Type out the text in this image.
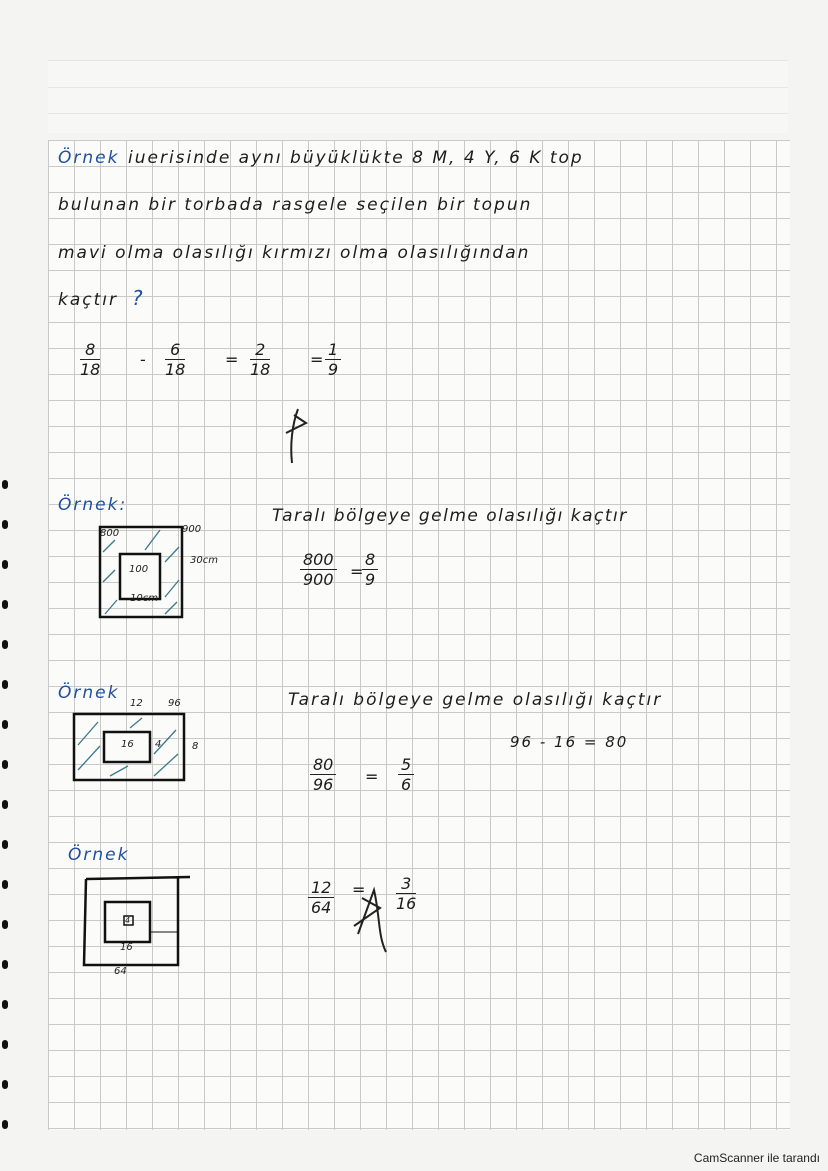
Örnek iuerisinde aynı büyüklükte 8 M, 4 Y, 6 K top
bulunan bir torbada rasgele seçilen bir topun
mavi olma olasılığı kırmızı olma olasılığından
kaçtır ?
$\frac{8}{18} - \frac{6}{18} = \frac{2}{18} = \frac{1}{9}$
Örnek:
800	900
30cm
100
10cm
Taralı bölgeye gelme olasılığı kaçtır
$\frac{800}{900}$ =
$\frac{8}{9}$
Örnek
12	96
16 4	8
Taralı bölgeye gelme olasılığı kaçtır
96 - 16 = 80
$\frac{80}{96} = \frac{5}{6}$
Örnek
4
16
64
$\frac{12}{64} = \frac{3}{16}$
CamScanner ile tarandı
